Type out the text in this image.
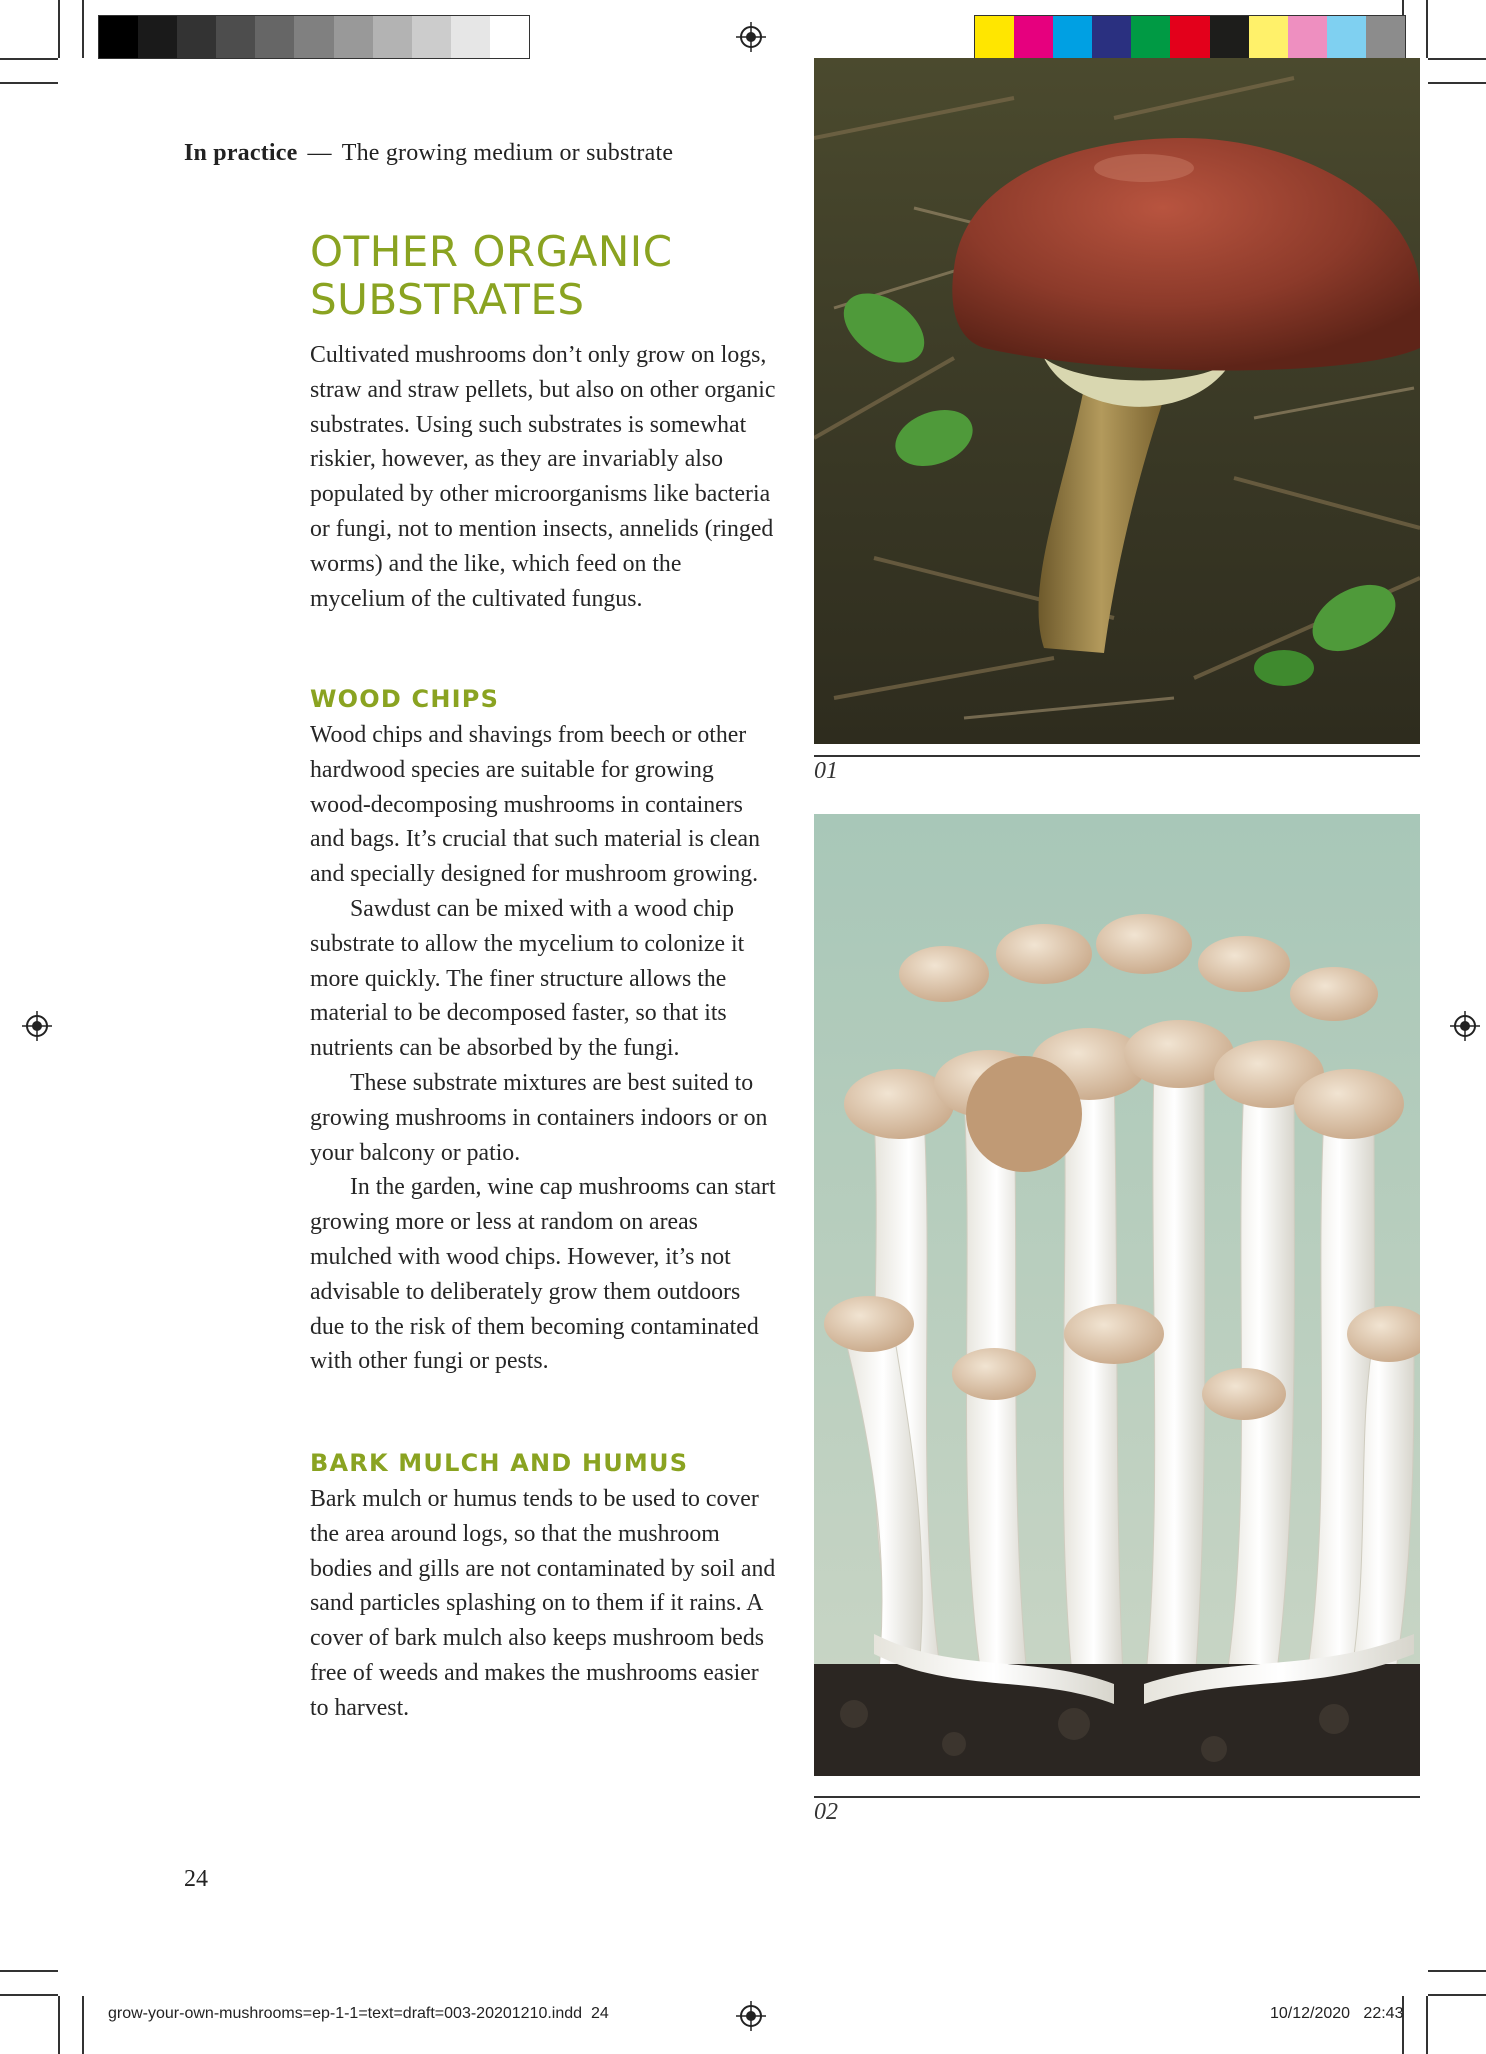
In practice — The growing medium or substrate
OTHER ORGANIC
SUBSTRATES

Cultivated mushrooms don’t only grow on logs, straw and straw pellets, but also on other organic substrates. Using such substrates is somewhat riskier, however, as they are invariably also populated by other microorganisms like bacteria or fungi, not to mention insects, annelids (ringed worms) and the like, which feed on the mycelium of the cultivated fungus.

WOOD CHIPS

Wood chips and shavings from beech or other hardwood species are suitable for growing wood-decomposing mushrooms in containers and bags. It’s crucial that such material is clean and specially designed for mushroom growing.

Sawdust can be mixed with a wood chip substrate to allow the mycelium to colonize it more quickly. The finer structure allows the material to be decomposed faster, so that its nutrients can be absorbed by the fungi.

These substrate mixtures are best suited to growing mushrooms in containers indoors or on your balcony or patio.

In the garden, wine cap mushrooms can start growing more or less at random on areas mulched with wood chips. However, it’s not advisable to deliberately grow them outdoors due to the risk of them becoming contaminated with other fungi or pests.

BARK MULCH AND HUMUS

Bark mulch or humus tends to be used to cover the area around logs, so that the mushroom bodies and gills are not contaminated by soil and sand particles splashing on to them if it rains. A cover of bark mulch also keeps mushroom beds free of weeds and makes the mushrooms easier to harvest.

01
02
24
grow-your-own-mushrooms=ep-1-1=text=draft=003-20201210.indd 24	10/12/2020 22:43
